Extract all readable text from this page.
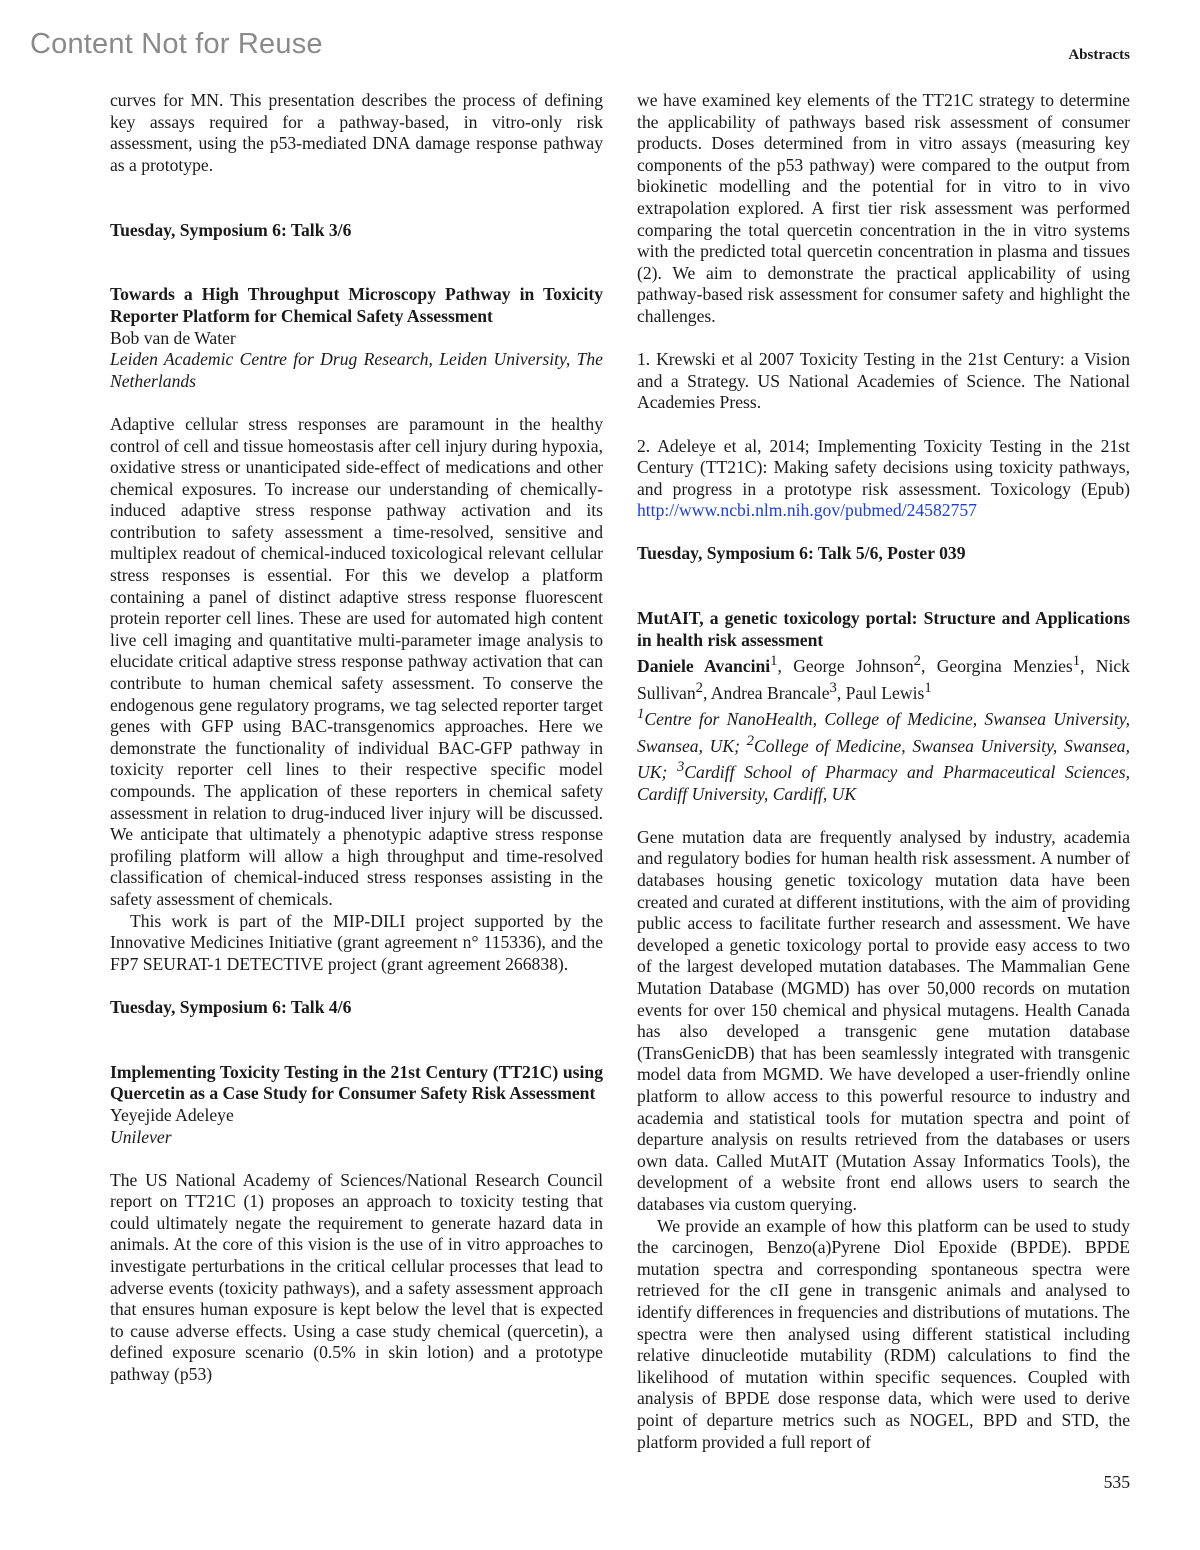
Content Not for Reuse	Abstracts

curves for MN. This presentation describes the process of defining key assays required for a pathway-based, in vitro-only risk assessment, using the p53-mediated DNA damage response pathway as a prototype.

Tuesday, Symposium 6: Talk 3/6

Towards a High Throughput Microscopy Pathway in Toxicity Reporter Platform for Chemical Safety Assessment

Bob van de Water

Leiden Academic Centre for Drug Research, Leiden University, The Netherlands

Adaptive cellular stress responses are paramount in the healthy control of cell and tissue homeostasis after cell injury during hypoxia, oxidative stress or unanticipated side-effect of medications and other chemical exposures. To increase our understanding of chemically-induced adaptive stress response pathway activation and its contribution to safety assessment a time-resolved, sensitive and multiplex readout of chemical-induced toxicological relevant cellular stress responses is essential. For this we develop a platform containing a panel of distinct adaptive stress response fluorescent protein reporter cell lines. These are used for automated high content live cell imaging and quantitative multi-parameter image analysis to elucidate critical adaptive stress response pathway activation that can contribute to human chemical safety assessment. To conserve the endogenous gene regulatory programs, we tag selected reporter target genes with GFP using BAC-transgenomics approaches. Here we demonstrate the functionality of individual BAC-GFP pathway in toxicity reporter cell lines to their respective specific model compounds. The application of these reporters in chemical safety assessment in relation to drug-induced liver injury will be discussed. We anticipate that ultimately a phenotypic adaptive stress response profiling platform will allow a high throughput and time-resolved classification of chemical-induced stress responses assisting in the safety assessment of chemicals.

This work is part of the MIP-DILI project supported by the Innovative Medicines Initiative (grant agreement n° 115336), and the FP7 SEURAT-1 DETECTIVE project (grant agreement 266838).

Tuesday, Symposium 6: Talk 4/6

Implementing Toxicity Testing in the 21st Century (TT21C) using Quercetin as a Case Study for Consumer Safety Risk Assessment

Yeyejide Adeleye

Unilever

The US National Academy of Sciences/National Research Council report on TT21C (1) proposes an approach to toxicity testing that could ultimately negate the requirement to generate hazard data in animals. At the core of this vision is the use of in vitro approaches to investigate perturbations in the critical cellular processes that lead to adverse events (toxicity pathways), and a safety assessment approach that ensures human exposure is kept below the level that is expected to cause adverse effects. Using a case study chemical (quercetin), a defined exposure scenario (0.5% in skin lotion) and a prototype pathway (p53)

we have examined key elements of the TT21C strategy to determine the applicability of pathways based risk assessment of consumer products. Doses determined from in vitro assays (measuring key components of the p53 pathway) were compared to the output from biokinetic modelling and the potential for in vitro to in vivo extrapolation explored. A first tier risk assessment was performed comparing the total quercetin concentration in the in vitro systems with the predicted total quercetin concentration in plasma and tissues (2). We aim to demonstrate the practical applicability of using pathway-based risk assessment for consumer safety and highlight the challenges.

1. Krewski et al 2007 Toxicity Testing in the 21st Century: a Vision and a Strategy. US National Academies of Science. The National Academies Press.

2. Adeleye et al, 2014; Implementing Toxicity Testing in the 21st Century (TT21C): Making safety decisions using toxicity pathways, and progress in a prototype risk assessment. Toxicology (Epub) http://www.ncbi.nlm.nih.gov/pubmed/24582757

Tuesday, Symposium 6: Talk 5/6, Poster 039

MutAIT, a genetic toxicology portal: Structure and Applications in health risk assessment

Daniele Avancini$^1$, George Johnson$^2$, Georgina Menzies$^1$, Nick Sullivan$^2$, Andrea Brancale$^3$, Paul Lewis$^1$

$^1$Centre for NanoHealth, College of Medicine, Swansea University, Swansea, UK; $^2$College of Medicine, Swansea University, Swansea, UK; $^3$Cardiff School of Pharmacy and Pharmaceutical Sciences, Cardiff University, Cardiff, UK

Gene mutation data are frequently analysed by industry, academia and regulatory bodies for human health risk assessment. A number of databases housing genetic toxicology mutation data have been created and curated at different institutions, with the aim of providing public access to facilitate further research and assessment. We have developed a genetic toxicology portal to provide easy access to two of the largest developed mutation databases. The Mammalian Gene Mutation Database (MGMD) has over 50,000 records on mutation events for over 150 chemical and physical mutagens. Health Canada has also developed a transgenic gene mutation database (TransGenicDB) that has been seamlessly integrated with transgenic model data from MGMD. We have developed a user-friendly online platform to allow access to this powerful resource to industry and academia and statistical tools for mutation spectra and point of departure analysis on results retrieved from the databases or users own data. Called MutAIT (Mutation Assay Informatics Tools), the development of a website front end allows users to search the databases via custom querying.

We provide an example of how this platform can be used to study the carcinogen, Benzo(a)Pyrene Diol Epoxide (BPDE). BPDE mutation spectra and corresponding spontaneous spectra were retrieved for the cII gene in transgenic animals and analysed to identify differences in frequencies and distributions of mutations. The spectra were then analysed using different statistical including relative dinucleotide mutability (RDM) calculations to find the likelihood of mutation within specific sequences. Coupled with analysis of BPDE dose response data, which were used to derive point of departure metrics such as NOGEL, BPD and STD, the platform provided a full report of

535
